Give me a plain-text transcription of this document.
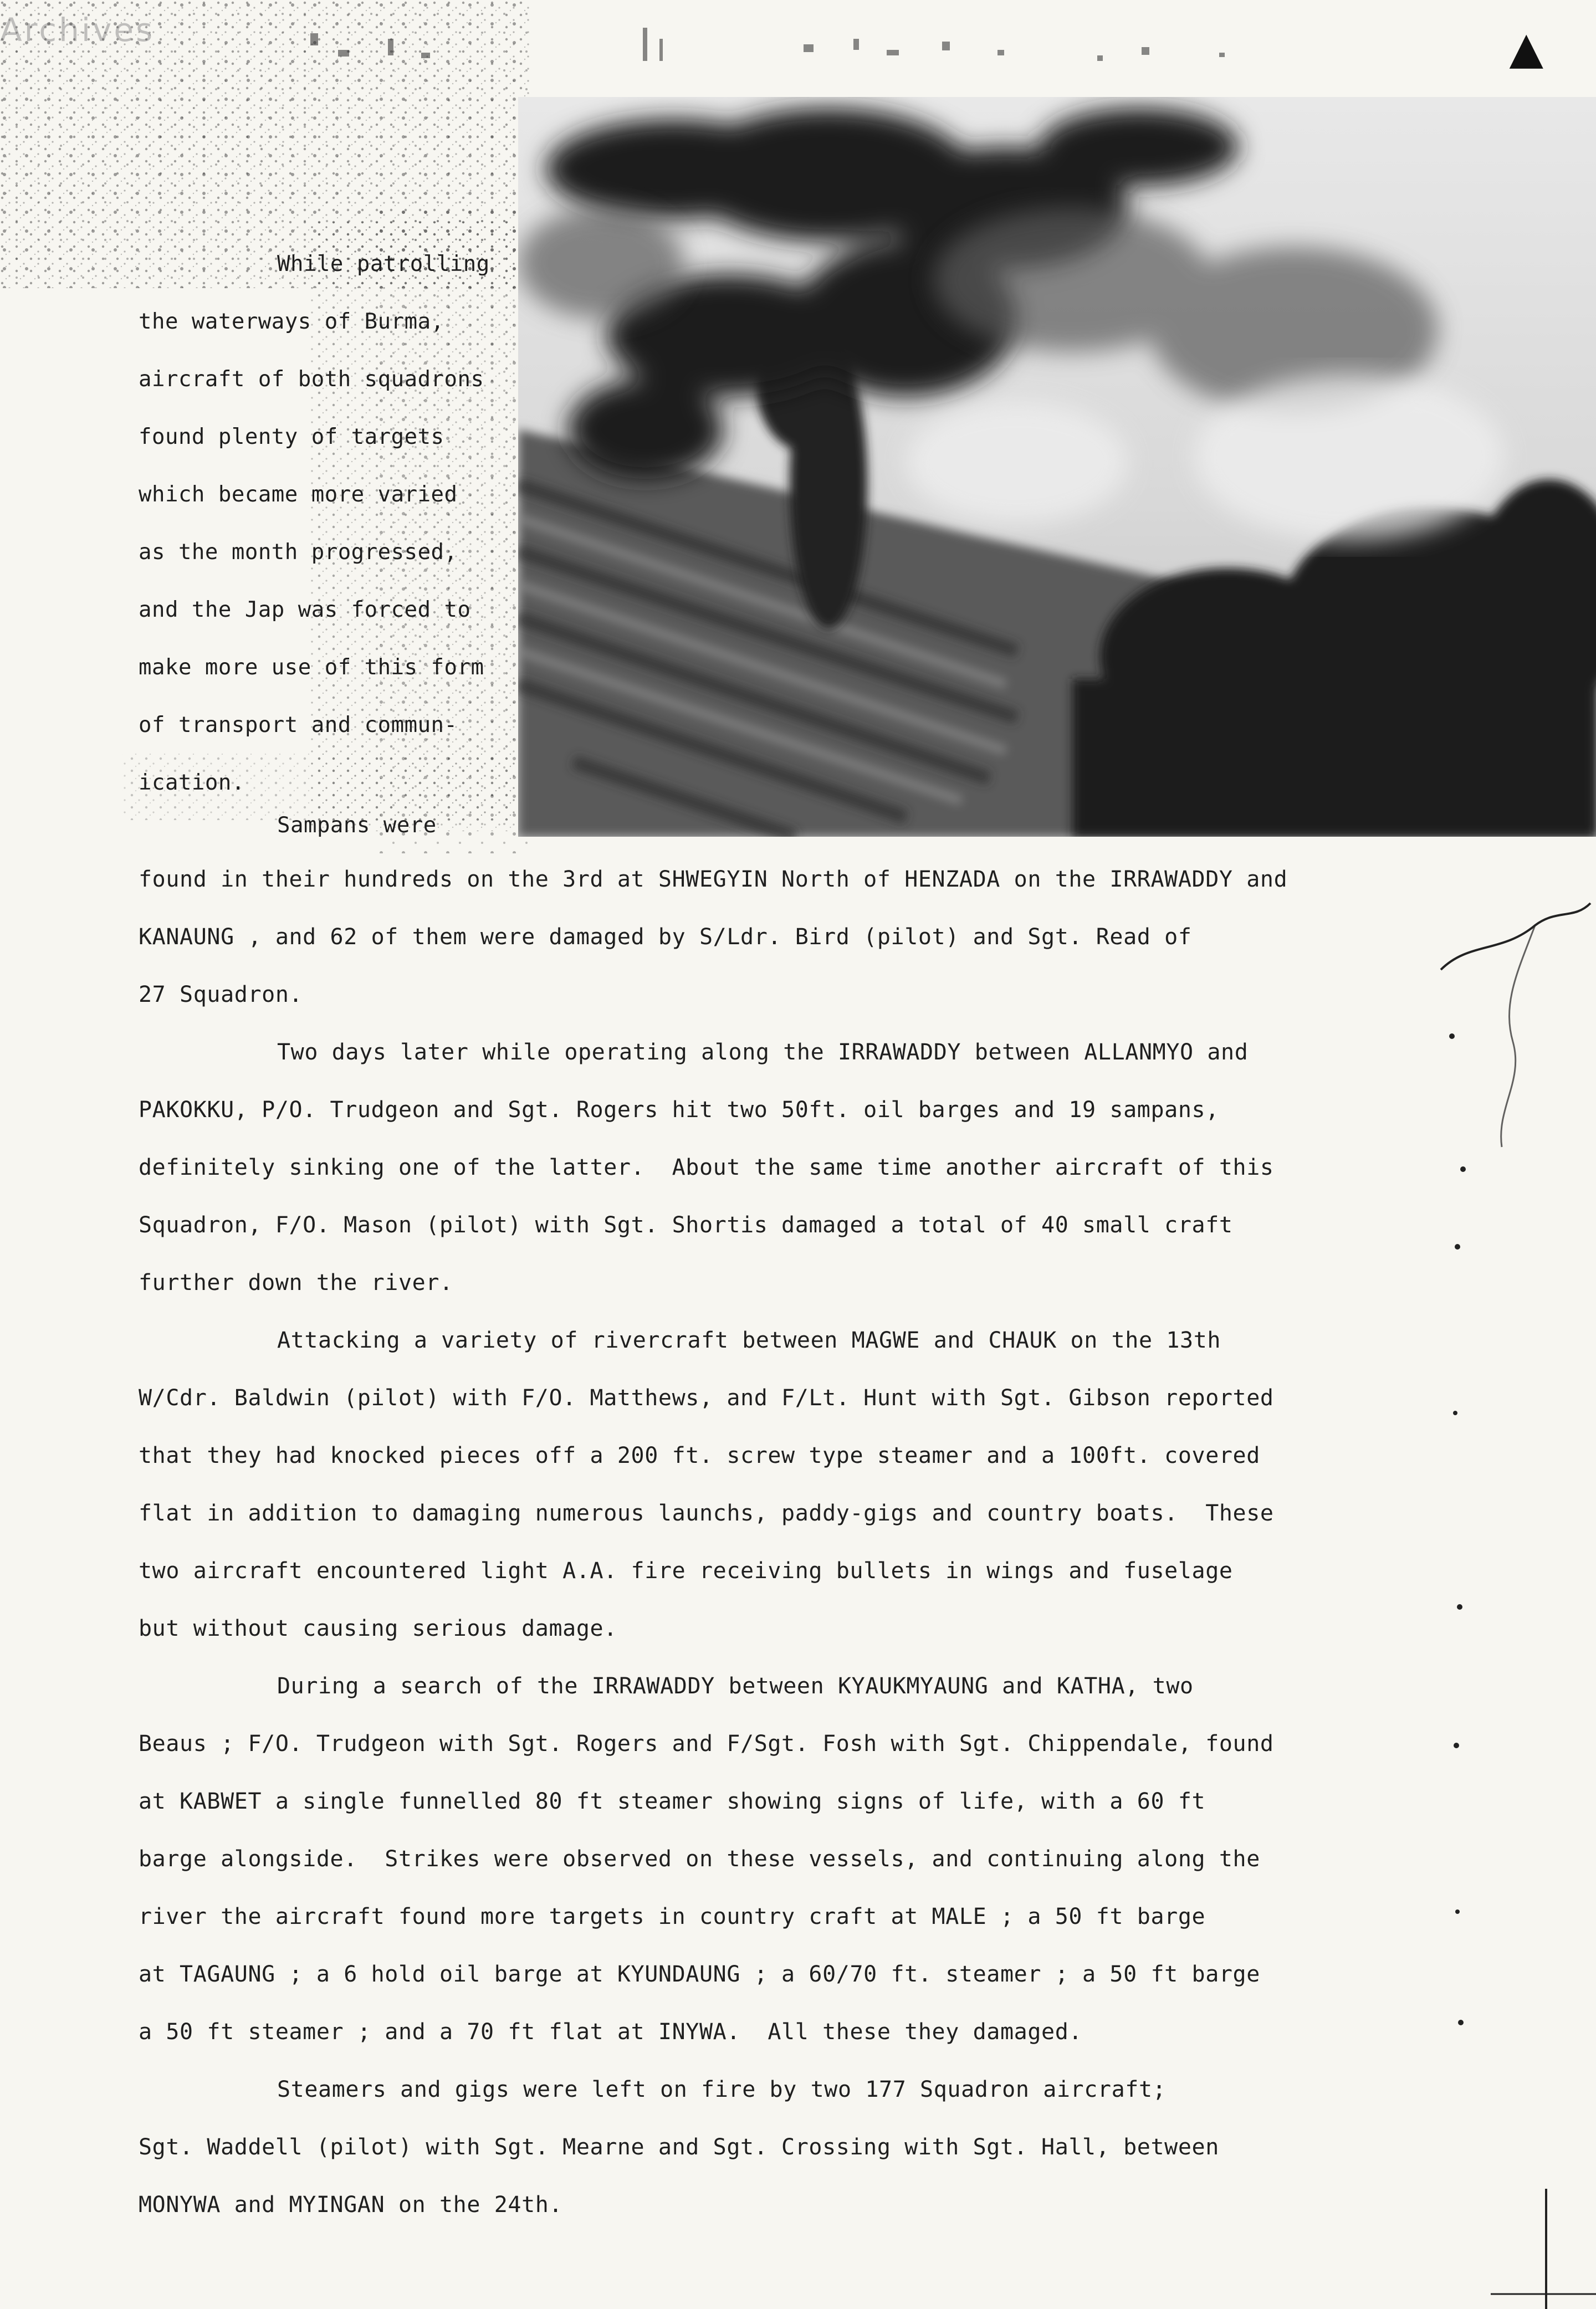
▲
While patrolling
the waterways of Burma,
aircraft of both squadrons
found plenty of targets
which became more varied
as the month progressed,
and the Jap was forced to
make more use of this form
of transport and commun-
ication.
Sampans were
found in their hundreds on the 3rd at SHWEGYIN North of HENZADA on the IRRAWADDY and
KANAUNG , and 62 of them were damaged by S/Ldr. Bird (pilot) and Sgt. Read of
27 Squadron.
Two days later while operating along the IRRAWADDY between ALLANMYO and
PAKOKKU, P/O. Trudgeon and Sgt. Rogers hit two 50ft. oil barges and 19 sampans,
definitely sinking one of the latter.  About the same time another aircraft of this
Squadron, F/O. Mason (pilot) with Sgt. Shortis damaged a total of 40 small craft
further down the river.
Attacking a variety of rivercraft between MAGWE and CHAUK on the 13th
W/Cdr. Baldwin (pilot) with F/O. Matthews, and F/Lt. Hunt with Sgt. Gibson reported
that they had knocked pieces off a 200 ft. screw type steamer and a 100ft. covered
flat in addition to damaging numerous launchs, paddy-gigs and country boats.  These
two aircraft encountered light A.A. fire receiving bullets in wings and fuselage
but without causing serious damage.
During a search of the IRRAWADDY between KYAUKMYAUNG and KATHA, two
Beaus ; F/O. Trudgeon with Sgt. Rogers and F/Sgt. Fosh with Sgt. Chippendale, found
at KABWET a single funnelled 80 ft steamer showing signs of life, with a 60 ft
barge alongside.  Strikes were observed on these vessels, and continuing along the
river the aircraft found more targets in country craft at MALE ; a 50 ft barge
at TAGAUNG ; a 6 hold oil barge at KYUNDAUNG ; a 60/70 ft. steamer ; a 50 ft barge
a 50 ft steamer ; and a 70 ft flat at INYWA.  All these they damaged.
Steamers and gigs were left on fire by two 177 Squadron aircraft;
Sgt. Waddell (pilot) with Sgt. Mearne and Sgt. Crossing with Sgt. Hall, between
MONYWA and MYINGAN on the 24th.
